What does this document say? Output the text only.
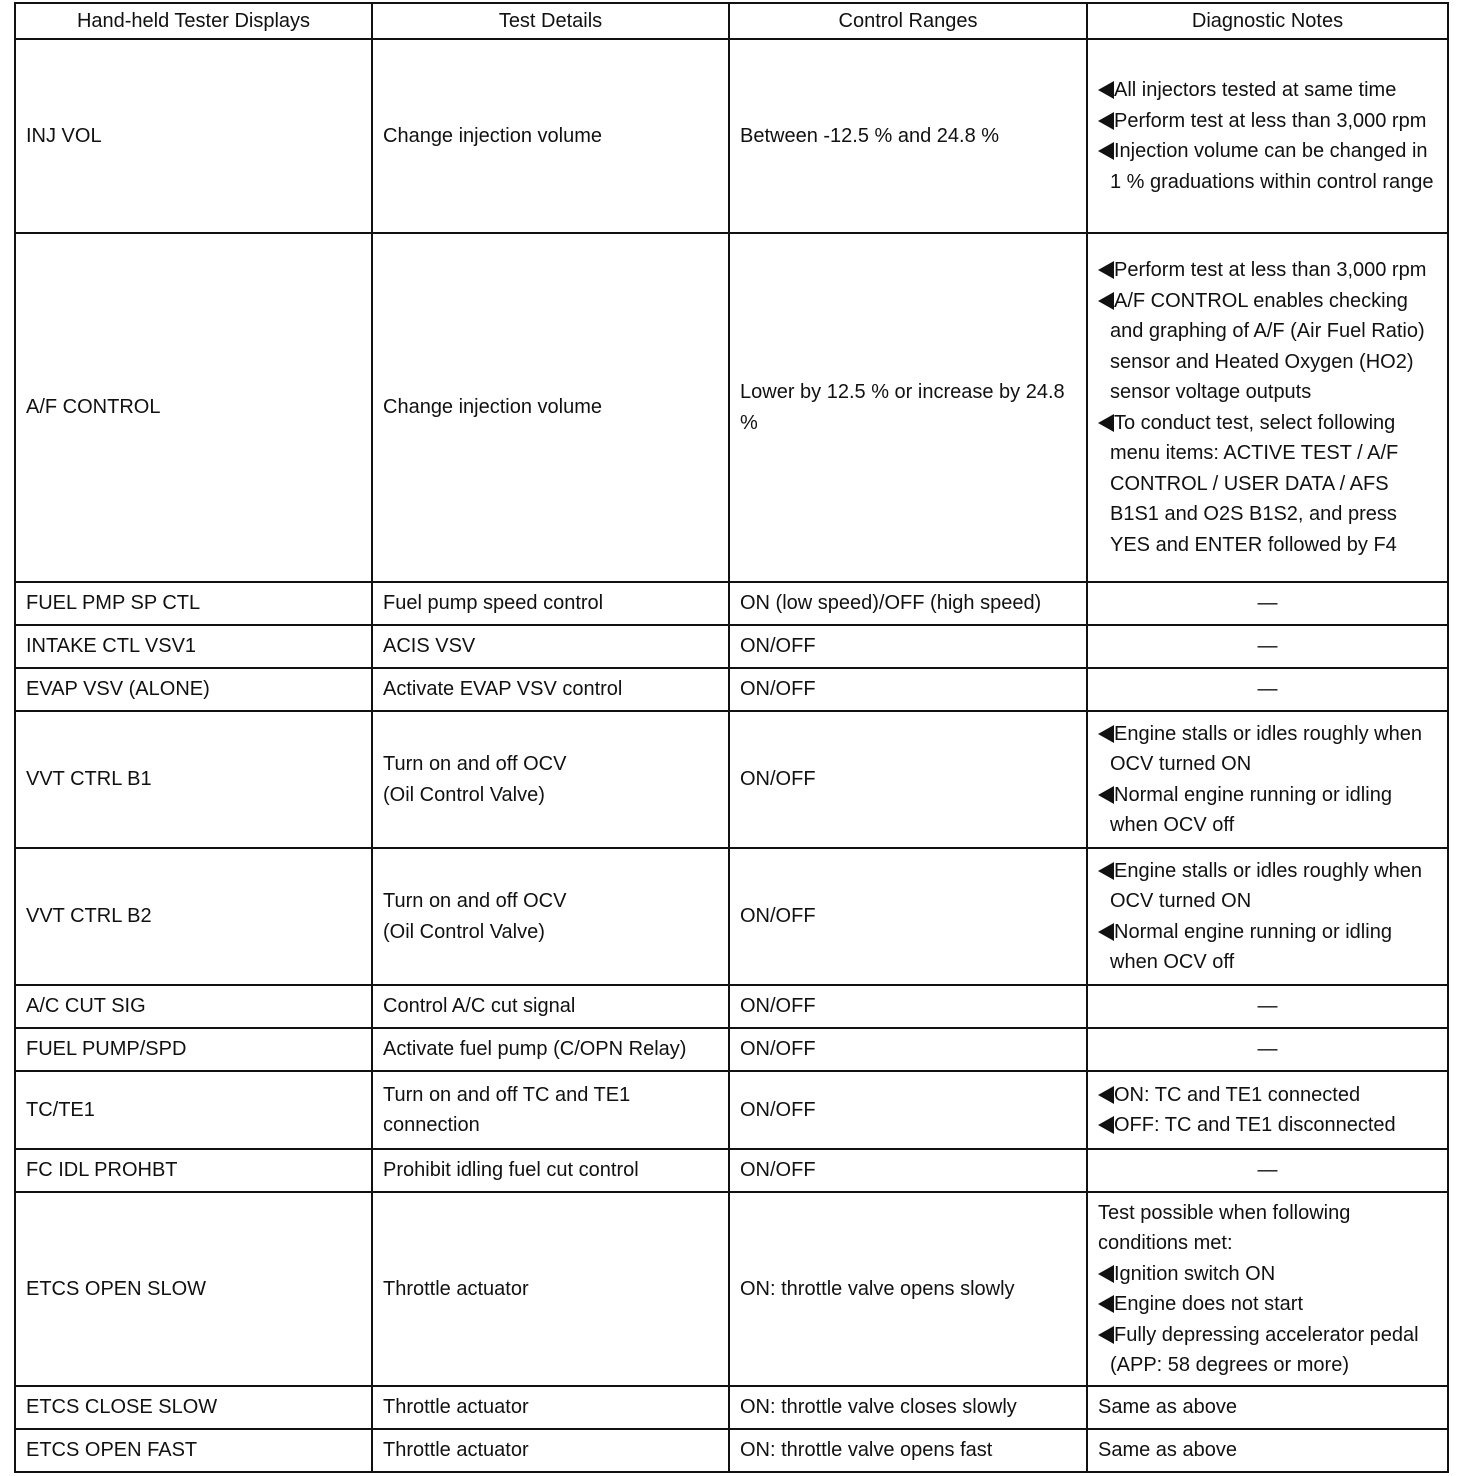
Hand-held Tester Displays	Test Details	Control Ranges	Diagnostic Notes
INJ VOL	Change injection volume	Between -12.5 % and 24.8 %	All injectors tested at same time
Perform test at less than 3,000 rpm
Injection volume can be changed in 1 % graduations within control range

A/F CONTROL	Change injection volume	Lower by 12.5 % or increase by 24.8 %	Perform test at less than 3,000 rpm
A/F CONTROL enables checking and graphing of A/F (Air Fuel Ratio) sensor and Heated Oxygen (HO2) sensor voltage outputs
To conduct test, select following menu items: ACTIVE TEST / A/F CONTROL / USER DATA / AFS B1S1 and O2S B1S2, and press YES and ENTER followed by F4

FUEL PMP SP CTL	Fuel pump speed control	ON (low speed)/OFF (high speed)	—

INTAKE CTL VSV1	ACIS VSV	ON/OFF	—

EVAP VSV (ALONE)	Activate EVAP VSV control	ON/OFF	—

VVT CTRL B1	Turn on and off OCV
(Oil Control Valve)	ON/OFF	Engine stalls or idles roughly when OCV turned ON
Normal engine running or idling when OCV off

VVT CTRL B2	Turn on and off OCV
(Oil Control Valve)	ON/OFF	Engine stalls or idles roughly when OCV turned ON
Normal engine running or idling when OCV off

A/C CUT SIG	Control A/C cut signal	ON/OFF	—

FUEL PUMP/SPD	Activate fuel pump (C/OPN Relay)	ON/OFF	—

TC/TE1	Turn on and off TC and TE1 connection	ON/OFF	ON: TC and TE1 connected
OFF: TC and TE1 disconnected

FC IDL PROHBT	Prohibit idling fuel cut control	ON/OFF	—

ETCS OPEN SLOW	Throttle actuator	ON: throttle valve opens slowly	Test possible when following conditions met:
Ignition switch ON
Engine does not start
Fully depressing accelerator pedal (APP: 58 degrees or more)

ETCS CLOSE SLOW	Throttle actuator	ON: throttle valve closes slowly	Same as above

ETCS OPEN FAST	Throttle actuator	ON: throttle valve opens fast	Same as above
